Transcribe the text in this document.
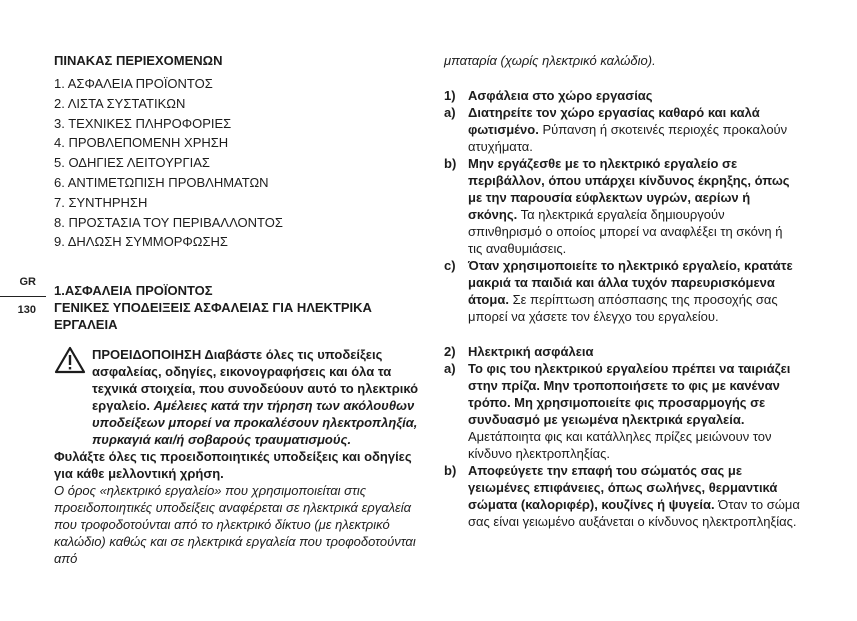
GR
130
ΠΙΝΑΚΑΣ ΠΕΡΙΕΧΟΜΕΝΩΝ
1. ΑΣΦΑΛΕΙΑ ΠΡΟΪΟΝΤΟΣ
2. ΛΙΣΤΑ ΣΥΣΤΑΤΙΚΩΝ
3. ΤΕΧΝΙΚΕΣ ΠΛΗΡΟΦΟΡΙΕΣ
4. ΠΡΟΒΛΕΠΟΜΕΝΗ ΧΡΗΣΗ
5. ΟΔΗΓΙΕΣ ΛΕΙΤΟΥΡΓΙΑΣ
6. ΑΝΤΙΜΕΤΩΠΙΣΗ ΠΡΟΒΛΗΜΑΤΩΝ
7. ΣΥΝΤΗΡΗΣΗ
8. ΠΡΟΣΤΑΣΙΑ ΤΟΥ ΠΕΡΙΒΑΛΛΟΝΤΟΣ
9. ΔΗΛΩΣΗ ΣΥΜΜΟΡΦΩΣΗΣ
1.ΑΣΦΑΛΕΙΑ ΠΡΟΪΟΝΤΟΣ
ΓΕΝΙΚΕΣ ΥΠΟΔΕΙΞΕΙΣ ΑΣΦΑΛΕΙΑΣ ΓΙΑ ΗΛΕΚΤΡΙΚΑ ΕΡΓΑΛΕΙΑ
ΠΡΟΕΙΔΟΠΟΙΗΣΗ Διαβάστε όλες τις υποδείξεις ασφαλείας, οδηγίες, εικονογραφήσεις και όλα τα τεχνικά στοιχεία, που συνοδεύουν αυτό το ηλεκτρικό εργαλείο. Αμέλειες κατά την τήρηση των ακόλουθων υποδείξεων μπορεί να προκαλέσουν ηλεκτροπληξία, πυρκαγιά και/ή σοβαρούς τραυματισμούς.
Φυλάξτε όλες τις προειδοποιητικές υποδείξεις και οδηγίες για κάθε μελλοντική χρήση.
Ο όρος «ηλεκτρικό εργαλείο» που χρησιμοποιείται στις προειδοποιητικές υποδείξεις αναφέρεται σε ηλεκτρικά εργαλεία που τροφοδοτούνται από το ηλεκτρικό δίκτυο (με ηλεκτρικό καλώδιο) καθώς και σε ηλεκτρικά εργαλεία που τροφοδοτούνται από
μπαταρία (χωρίς ηλεκτρικό καλώδιο).
1) Ασφάλεια στο χώρο εργασίας
a) Διατηρείτε τον χώρο εργασίας καθαρό και καλά φωτισμένο. Ρύπανση ή σκοτεινές περιοχές προκαλούν ατυχήματα.
b) Μην εργάζεσθε με το ηλεκτρικό εργαλείο σε περιβάλλον, όπου υπάρχει κίνδυνος έκρηξης, όπως με την παρουσία εύφλεκτων υγρών, αερίων ή σκόνης. Τα ηλεκτρικά εργαλεία δημιουργούν σπινθηρισμό ο οποίος μπορεί να αναφλέξει τη σκόνη ή τις αναθυμιάσεις.
c) Όταν χρησιμοποιείτε το ηλεκτρικό εργαλείο, κρατάτε μακριά τα παιδιά και άλλα τυχόν παρευρισκόμενα άτομα. Σε περίπτωση απόσπασης της προσοχής σας μπορεί να χάσετε τον έλεγχο του εργαλείου.
2) Ηλεκτρική ασφάλεια
a) Το φις του ηλεκτρικού εργαλείου πρέπει να ταιριάζει στην πρίζα. Μην τροποποιήσετε το φις με κανέναν τρόπο. Μη χρησιμοποιείτε φις προσαρμογής σε συνδυασμό με γειωμένα ηλεκτρικά εργαλεία. Αμετάποιητα φις και κατάλληλες πρίζες μειώνουν τον κίνδυνο ηλεκτροπληξίας.
b) Αποφεύγετε την επαφή του σώματός σας με γειωμένες επιφάνειες, όπως σωλήνες, θερμαντικά σώματα (καλοριφέρ), κουζίνες ή ψυγεία. Όταν το σώμα σας είναι γειωμένο αυξάνεται ο κίνδυνος ηλεκτροπληξίας.
